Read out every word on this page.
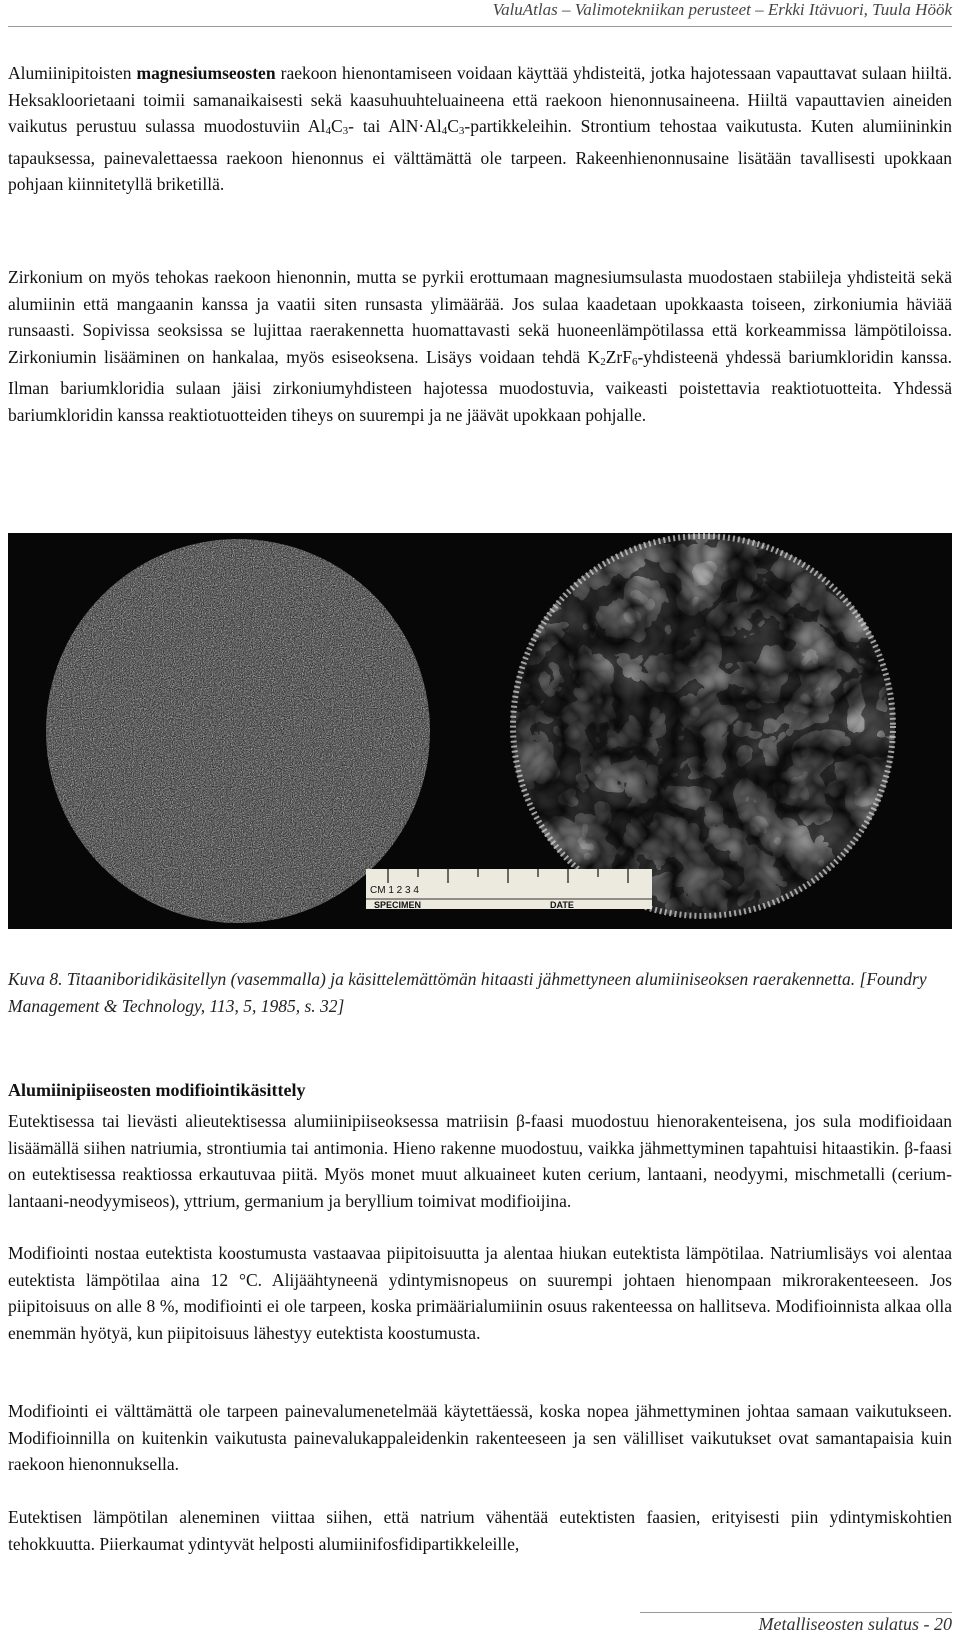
ValuAtlas – Valimotekniikan perusteet – Erkki Itävuori, Tuula Höök

Alumiinipitoisten magnesiumseosten raekoon hienontamiseen voidaan käyttää yhdisteitä, jotka hajotessaan vapauttavat sulaan hiiltä. Heksakloorietaani toimii samanaikaisesti sekä kaasuhuuhteluaineena että raekoon hienonnusaineena. Hiiltä vapauttavien aineiden vaikutus perustuu sulassa muodostuviin $Al_4C_3-$ tai $AlN\cdot Al_4C_3$-partikkeleihin. Strontium tehostaa vaikutusta. Kuten alumiininkin tapauksessa, painevalettaessa raekoon hienonnus ei välttämättä ole tarpeen. Rakeenhienonnusaine lisätään tavallisesti upokkaan pohjaan kiinnitetyllä briketillä.

Zirkonium on myös tehokas raekoon hienonnin, mutta se pyrkii erottumaan magnesiumsulasta muodostaen stabiileja yhdisteitä sekä alumiinin että mangaanin kanssa ja vaatii siten runsasta ylimäärää. Jos sulaa kaadetaan upokkaasta toiseen, zirkoniumia häviää runsaasti. Sopivissa seoksissa se lujittaa raerakennetta huomattavasti sekä huoneenlämpötilassa että korkeammissa lämpötiloissa. Zirkoniumin lisääminen on hankalaa, myös esiseoksena. Lisäys voidaan tehdä $K_2ZrF_6$-yhdisteenä yhdessä bariumkloridin kanssa. Ilman bariumkloridia sulaan jäisi zirkoniumyhdisteen hajotessa muodostuvia, vaikeasti poistettavia reaktiotuotteita. Yhdessä bariumkloridin kanssa reaktiotuotteiden tiheys on suurempi ja ne jäävät upokkaan pohjalle.

CM 1 2 3 4
SPECIMEN	DATE
Kuva 8. Titaaniboridikäsitellyn (vasemmalla) ja käsittelemättömän hitaasti jähmettyneen alumiiniseoksen raerakennetta. [Foundry Management & Technology, 113, 5, 1985, s. 32]
Alumiinipiiseosten modifiointikäsittely

Eutektisessa tai lievästi alieutektisessa alumiinipiiseoksessa matriisin β-faasi muodostuu hienorakenteisena, jos sula modifioidaan lisäämällä siihen natriumia, strontiumia tai antimonia. Hieno rakenne muodostuu, vaikka jähmettyminen tapahtuisi hitaastikin. β-faasi on eutektisessa reaktiossa erkautuvaa piitä. Myös monet muut alkuaineet kuten cerium, lantaani, neodyymi, mischmetalli (cerium-lantaani-neodyymiseos), yttrium, germanium ja beryllium toimivat modifioijina.

Modifiointi nostaa eutektista koostumusta vastaavaa piipitoisuutta ja alentaa hiukan eutektista lämpötilaa. Natriumlisäys voi alentaa eutektista lämpötilaa aina 12 °C. Alijäähtyneenä ydintymisnopeus on suurempi johtaen hienompaan mikrorakenteeseen. Jos piipitoisuus on alle 8 %, modifiointi ei ole tarpeen, koska primäärialumiinin osuus rakenteessa on hallitseva. Modifioinnista alkaa olla enemmän hyötyä, kun piipitoisuus lähestyy eutektista koostumusta.

Modifiointi ei välttämättä ole tarpeen painevalumenetelmää käytettäessä, koska nopea jähmettyminen johtaa samaan vaikutukseen. Modifioinnilla on kuitenkin vaikutusta painevalukappaleidenkin rakenteeseen ja sen välilliset vaikutukset ovat samantapaisia kuin raekoon hienonnuksella.

Eutektisen lämpötilan aleneminen viittaa siihen, että natrium vähentää eutektisten faasien, erityisesti piin ydintymiskohtien tehokkuutta. Piierkaumat ydintyvät helposti alumiinifosfidipartikkeleille,

Metalliseosten sulatus - 20
